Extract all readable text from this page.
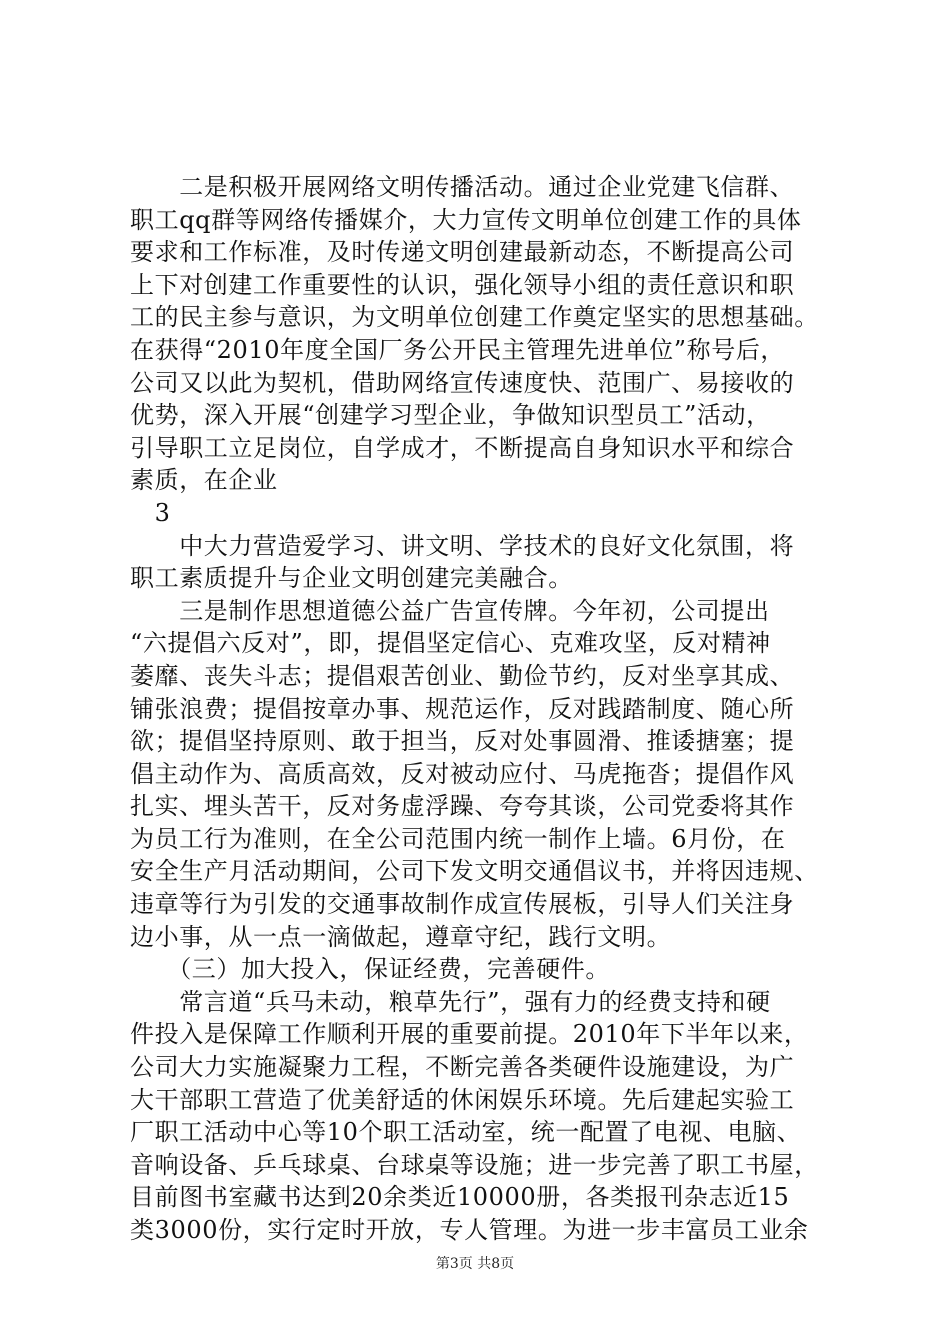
　　二是积极开展网络文明传播活动。通过企业党建飞信群、
职工qq群等网络传播媒介，大力宣传文明单位创建工作的具体
要求和工作标准，及时传递文明创建最新动态，不断提高公司
上下对创建工作重要性的认识，强化领导小组的责任意识和职
工的民主参与意识，为文明单位创建工作奠定坚实的思想基础。
在获得“2010年度全国厂务公开民主管理先进单位”称号后，
公司又以此为契机，借助网络宣传速度快、范围广、易接收的
优势，深入开展“创建学习型企业，争做知识型员工”活动，
引导职工立足岗位，自学成才，不断提高自身知识水平和综合
素质，在企业
　3
　　中大力营造爱学习、讲文明、学技术的良好文化氛围，将
职工素质提升与企业文明创建完美融合。
　　三是制作思想道德公益广告宣传牌。今年初，公司提出
“六提倡六反对”，即，提倡坚定信心、克难攻坚，反对精神
萎靡、丧失斗志；提倡艰苦创业、勤俭节约，反对坐享其成、
铺张浪费；提倡按章办事、规范运作，反对践踏制度、随心所
欲；提倡坚持原则、敢于担当，反对处事圆滑、推诿搪塞；提
倡主动作为、高质高效，反对被动应付、马虎拖沓；提倡作风
扎实、埋头苦干，反对务虚浮躁、夸夸其谈，公司党委将其作
为员工行为准则，在全公司范围内统一制作上墙。6月份，在
安全生产月活动期间，公司下发文明交通倡议书，并将因违规、
违章等行为引发的交通事故制作成宣传展板，引导人们关注身
边小事，从一点一滴做起，遵章守纪，践行文明。
　　（三）加大投入，保证经费，完善硬件。
　　常言道“兵马未动，粮草先行”，强有力的经费支持和硬
件投入是保障工作顺利开展的重要前提。2010年下半年以来，
公司大力实施凝聚力工程，不断完善各类硬件设施建设，为广
大干部职工营造了优美舒适的休闲娱乐环境。先后建起实验工
厂职工活动中心等10个职工活动室，统一配置了电视、电脑、
音响设备、乒乓球桌、台球桌等设施；进一步完善了职工书屋，
目前图书室藏书达到20余类近10000册，各类报刊杂志近15
类3000份，实行定时开放，专人管理。为进一步丰富员工业余
第3页 共8页
